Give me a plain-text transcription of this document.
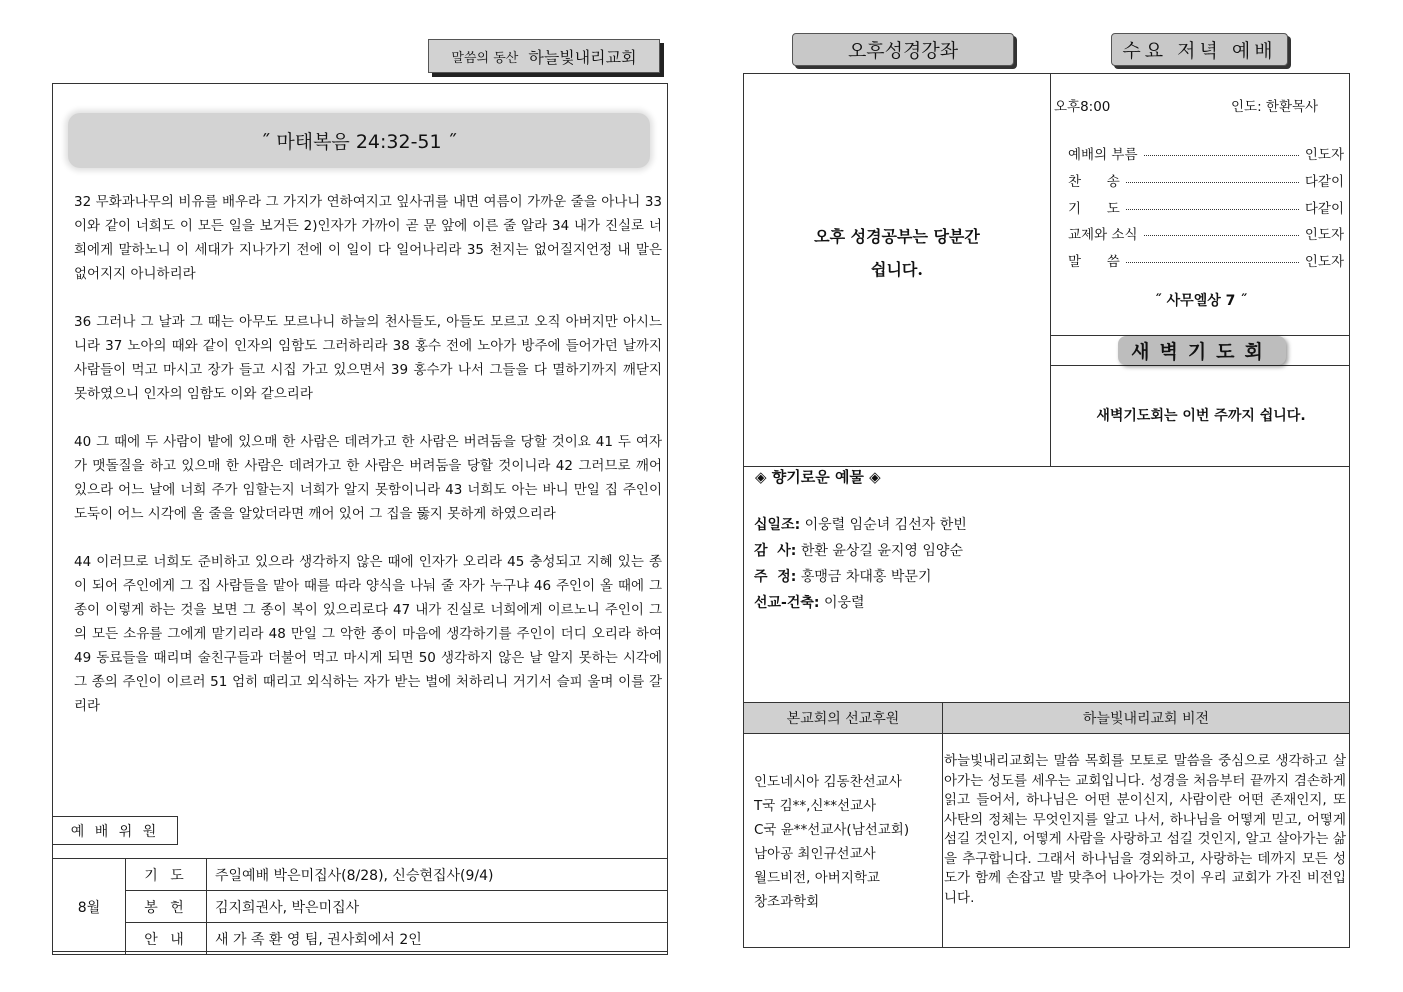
말씀의 동산 하늘빛내리교회
˝ 마태복음 24:32-51 ˝

32 무화과나무의 비유를 배우라 그 가지가 연하여지고 잎사귀를 내면 여름이 가까운 줄을 아나니 33 이와 같이 너희도 이 모든 일을 보거든 2)인자가 가까이 곧 문 앞에 이른 줄 알라 34 내가 진실로 너희에게 말하노니 이 세대가 지나가기 전에 이 일이 다 일어나리라 35 천지는 없어질지언정 내 말은 없어지지 아니하리라

36 그러나 그 날과 그 때는 아무도 모르나니 하늘의 천사들도, 아들도 모르고 오직 아버지만 아시느니라 37 노아의 때와 같이 인자의 임함도 그러하리라 38 홍수 전에 노아가 방주에 들어가던 날까지 사람들이 먹고 마시고 장가 들고 시집 가고 있으면서 39 홍수가 나서 그들을 다 멸하기까지 깨닫지 못하였으니 인자의 임함도 이와 같으리라

40 그 때에 두 사람이 밭에 있으매 한 사람은 데려가고 한 사람은 버려둠을 당할 것이요 41 두 여자가 맷돌질을 하고 있으매 한 사람은 데려가고 한 사람은 버려둠을 당할 것이니라 42 그러므로 깨어 있으라 어느 날에 너희 주가 임할는지 너희가 알지 못함이니라 43 너희도 아는 바니 만일 집 주인이 도둑이 어느 시각에 올 줄을 알았더라면 깨어 있어 그 집을 뚫지 못하게 하였으리라

44 이러므로 너희도 준비하고 있으라 생각하지 않은 때에 인자가 오리라 45 충성되고 지혜 있는 종이 되어 주인에게 그 집 사람들을 맡아 때를 따라 양식을 나눠 줄 자가 누구냐 46 주인이 올 때에 그 종이 이렇게 하는 것을 보면 그 종이 복이 있으리로다 47 내가 진실로 너희에게 이르노니 주인이 그의 모든 소유를 그에게 맡기리라 48 만일 그 악한 종이 마음에 생각하기를 주인이 더디 오리라 하여 49 동료들을 때리며 술친구들과 더불어 먹고 마시게 되면 50 생각하지 않은 날 알지 못하는 시각에 그 종의 주인이 이르러 51 엄히 때리고 외식하는 자가 받는 벌에 처하리니 거기서 슬피 울며 이를 갈리라

예 배 위 원
8월	기 도	주일예배 박은미집사(8/28), 신승현집사(9/4)
	봉 헌	김지희권사, 박은미집사
	안 내	새 가 족 환 영 팀, 권사회에서 2인
오후성경강좌	수요 저녁 예배
오후 성경공부는 당분간
쉽니다.
오후8:00	인도: 한환목사
예배의 부름	인도자
찬      송	다같이
기      도	다같이
교제와 소식	인도자
말      씀	인도자
˝ 사무엘상 7 ˝
새벽기도회
새벽기도회는 이번 주까지 쉽니다.
◈ 향기로운 예물 ◈
십일조: 이웅렬 임순녀 김선자 한빈
감  사: 한환 윤상길 윤지영 임양순
주  정: 홍맹금 차대홍 박문기
선교-건축: 이웅렬
본교회의 선교후원	하늘빛내리교회 비전
인도네시아 김동찬선교사
T국 김**,신**선교사
C국 윤**선교사(남선교회)
남아공 최인규선교사
월드비전, 아버지학교
창조과학회
하늘빛내리교회는 말씀 목회를 모토로 말씀을 중심으로 생각하고 살아가는 성도를 세우는 교회입니다. 성경을 처음부터 끝까지 겸손하게 읽고 들어서, 하나님은 어떤 분이신지, 사람이란 어떤 존재인지, 또 사탄의 정체는 무엇인지를 알고 나서, 하나님을 어떻게 믿고, 어떻게 섬길 것인지, 어떻게 사람을 사랑하고 섬길 것인지, 알고 살아가는 삶을 추구합니다. 그래서 하나님을 경외하고, 사랑하는 데까지 모든 성도가 함께 손잡고 발 맞추어 나아가는 것이 우리 교회가 가진 비전입니다.
